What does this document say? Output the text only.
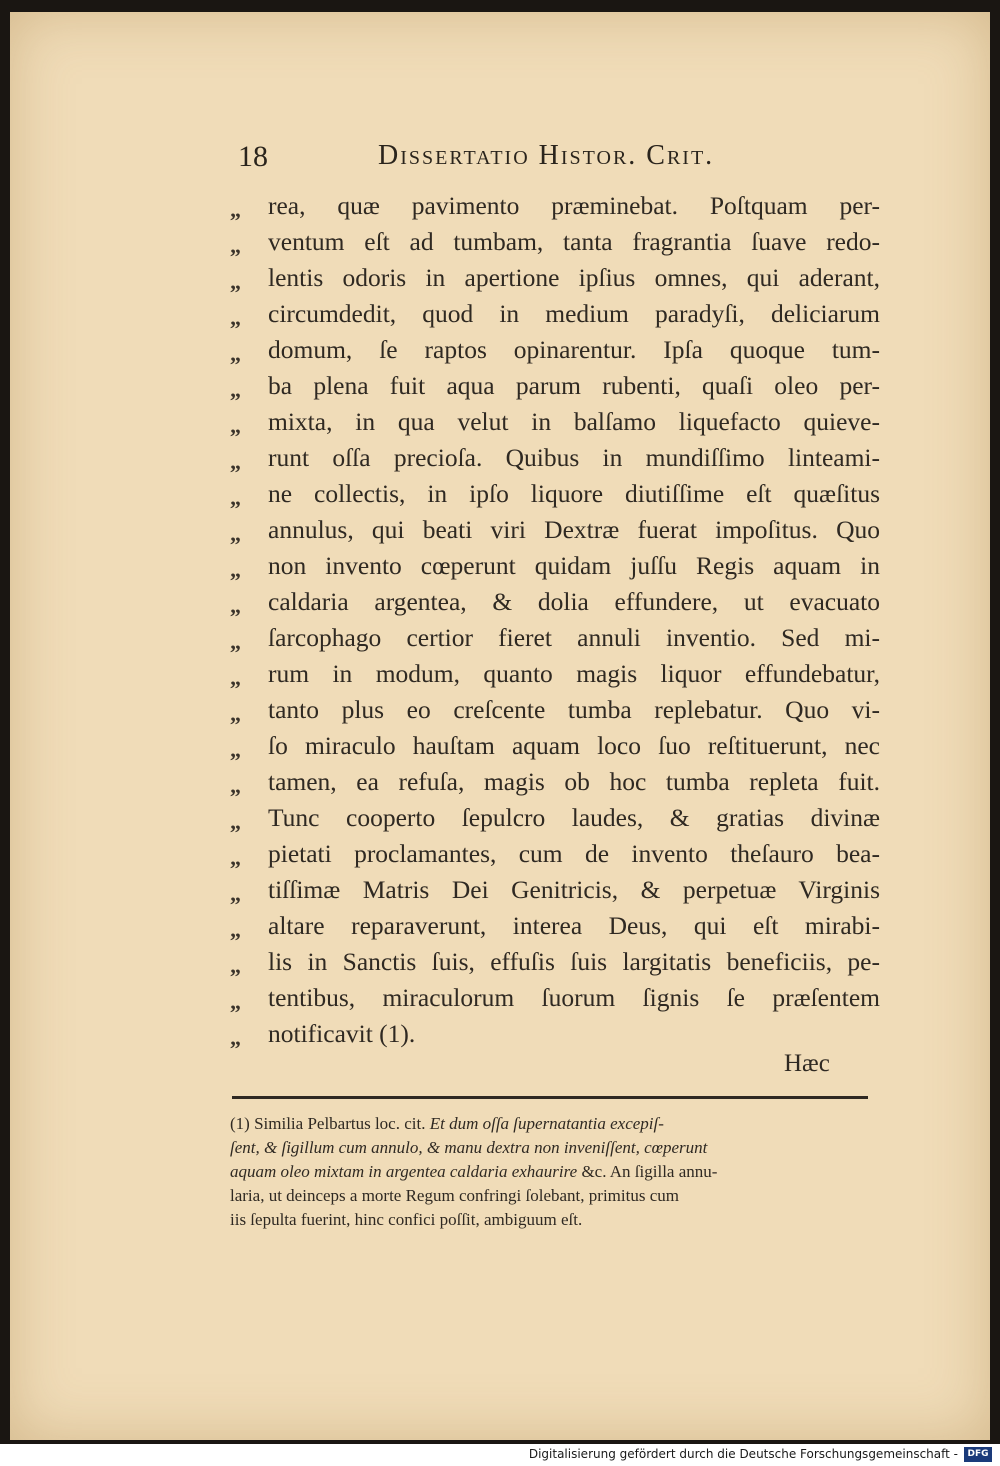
18	Dissertatio Histor. Crit.
„ rea, quæ pavimento præminebat. Poſtquam per-
„ ventum eſt ad tumbam, tanta fragrantia ſuave redo-
„ lentis odoris in apertione ipſius omnes, qui aderant,
„ circumdedit, quod in medium paradyſi, deliciarum
„ domum, ſe raptos opinarentur. Ipſa quoque tum-
„ ba plena fuit aqua parum rubenti, quaſi oleo per-
„ mixta, in qua velut in balſamo liquefacto quieve-
„ runt oſſa precioſa. Quibus in mundiſſimo linteami-
„ ne collectis, in ipſo liquore diutiſſime eſt quæſitus
„ annulus, qui beati viri Dextræ fuerat impoſitus. Quo
„ non invento cœperunt quidam juſſu Regis aquam in
„ caldaria argentea, & dolia effundere, ut evacuato
„ ſarcophago certior fieret annuli inventio. Sed mi-
„ rum in modum, quanto magis liquor effundebatur,
„ tanto plus eo creſcente tumba replebatur. Quo vi-
„ ſo miraculo hauſtam aquam loco ſuo reſtituerunt, nec
„ tamen, ea refuſa, magis ob hoc tumba repleta fuit.
„ Tunc cooperto ſepulcro laudes, & gratias divinæ
„ pietati proclamantes, cum de invento theſauro bea-
„ tiſſimæ Matris Dei Genitricis, & perpetuæ Virginis
„ altare reparaverunt, interea Deus, qui eſt mirabi-
„ lis in Sanctis ſuis, effuſis ſuis largitatis beneficiis, pe-
„ tentibus, miraculorum ſuorum ſignis ſe præſentem
„ notificavit (1).
Hæc
(1) Similia Pelbartus loc. cit. Et dum oſſa ſupernatantia excepiſ-
ſent, & ſigillum cum annulo, & manu dextra non inveniſſent, cœperunt
aquam oleo mixtam in argentea caldaria exhaurire &c. An ſigilla annu-
laria, ut deinceps a morte Regum confringi ſolebant, primitus cum
iis ſepulta fuerint, hinc confici poſſit, ambiguum eſt.
Digitalisierung gefördert durch die Deutsche Forschungsgemeinschaft -	DFG
